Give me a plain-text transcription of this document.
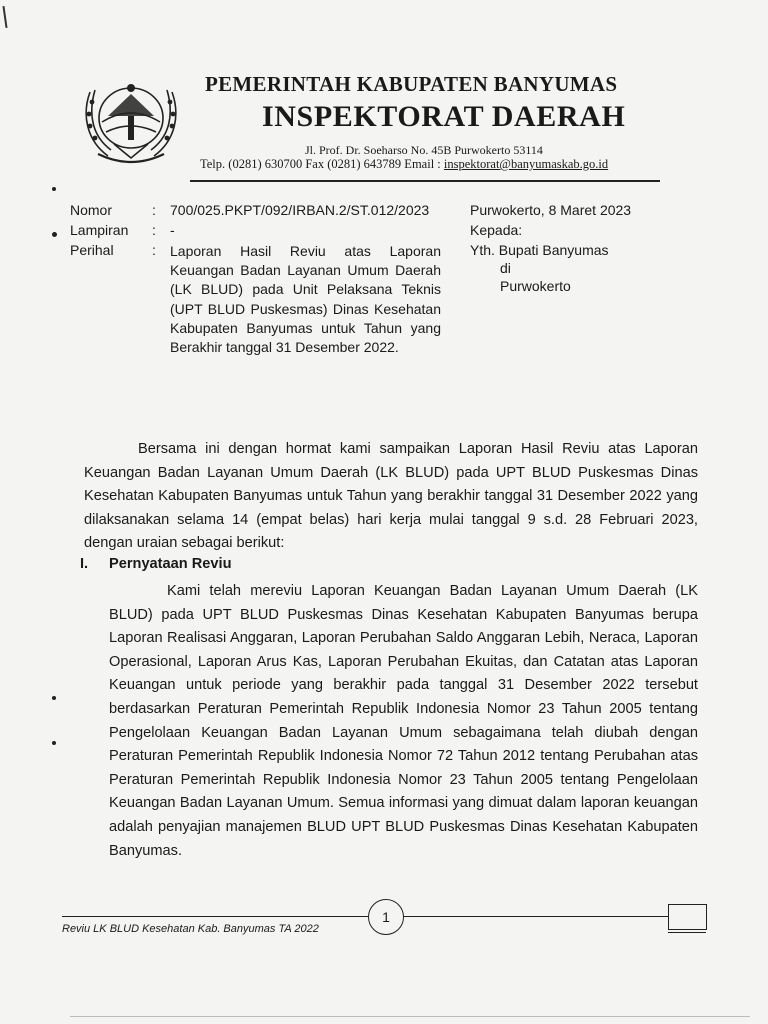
PEMERINTAH KABUPATEN BANYUMAS
INSPEKTORAT DAERAH
Jl. Prof. Dr. Soeharso No. 45B Purwokerto 53114
Telp. (0281) 630700 Fax (0281) 643789 Email : inspektorat@banyumaskab.go.id
Nomor	: 700/025.PKPT/092/IRBAN.2/ST.012/2023
Lampiran : -
Perihal	: Laporan Hasil Reviu atas Laporan Keuangan Badan Layanan Umum Daerah (LK BLUD) pada Unit Pelaksana Teknis (UPT BLUD Puskesmas) Dinas Kesehatan Kabupaten Banyumas untuk Tahun yang Berakhir tanggal 31 Desember 2022.
Purwokerto, 8 Maret 2023
Kepada:
Yth. Bupati Banyumas
di
Purwokerto
Bersama ini dengan hormat kami sampaikan Laporan Hasil Reviu atas Laporan Keuangan Badan Layanan Umum Daerah (LK BLUD) pada UPT BLUD Puskesmas Dinas Kesehatan Kabupaten Banyumas untuk Tahun yang berakhir tanggal 31 Desember 2022 yang dilaksanakan selama 14 (empat belas) hari kerja mulai tanggal 9 s.d. 28 Februari 2023, dengan uraian sebagai berikut:
I. Pernyataan Reviu
Kami telah mereviu Laporan Keuangan Badan Layanan Umum Daerah (LK BLUD) pada UPT BLUD Puskesmas Dinas Kesehatan Kabupaten Banyumas berupa Laporan Realisasi Anggaran, Laporan Perubahan Saldo Anggaran Lebih, Neraca, Laporan Operasional, Laporan Arus Kas, Laporan Perubahan Ekuitas, dan Catatan atas Laporan Keuangan untuk periode yang berakhir pada tanggal 31 Desember 2022 tersebut berdasarkan Peraturan Pemerintah Republik Indonesia Nomor 23 Tahun 2005 tentang Pengelolaan Keuangan Badan Layanan Umum sebagaimana telah diubah dengan Peraturan Pemerintah Republik Indonesia Nomor 72 Tahun 2012 tentang Perubahan atas Peraturan Pemerintah Republik Indonesia Nomor 23 Tahun 2005 tentang Pengelolaan Keuangan Badan Layanan Umum. Semua informasi yang dimuat dalam laporan keuangan adalah penyajian manajemen BLUD UPT BLUD Puskesmas Dinas Kesehatan Kabupaten Banyumas.
1
Reviu LK BLUD Kesehatan Kab. Banyumas TA 2022
